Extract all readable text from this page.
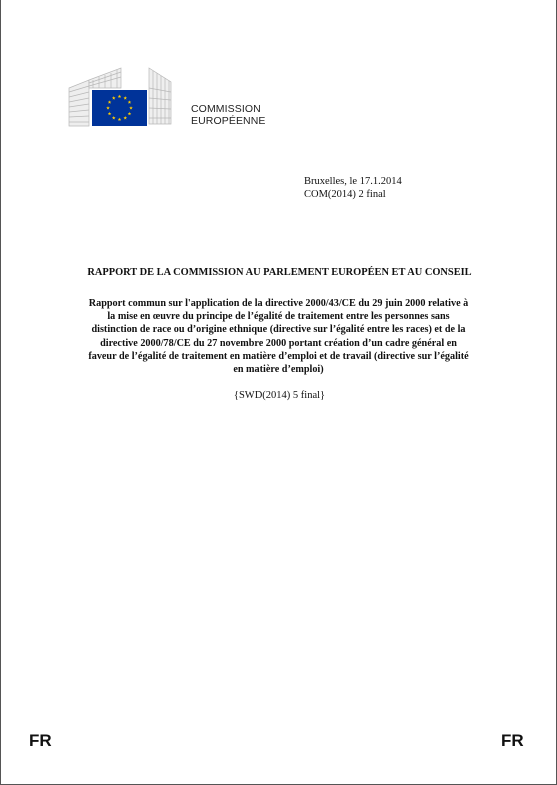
COMMISSION
EUROPÉENNE
Bruxelles, le 17.1.2014
COM(2014) 2 final
RAPPORT DE LA COMMISSION AU PARLEMENT EUROPÉEN ET AU CONSEIL
Rapport commun sur l'application de la directive 2000/43/CE du 29 juin 2000 relative à
la mise en œuvre du principe de l’égalité de traitement entre les personnes sans
distinction de race ou d’origine ethnique (directive sur l’égalité entre les races) et de la
directive 2000/78/CE du 27 novembre 2000 portant création d’un cadre général en
faveur de l’égalité de traitement en matière d’emploi et de travail (directive sur l’égalité
en matière d’emploi)
{SWD(2014) 5 final}
FR	FR
